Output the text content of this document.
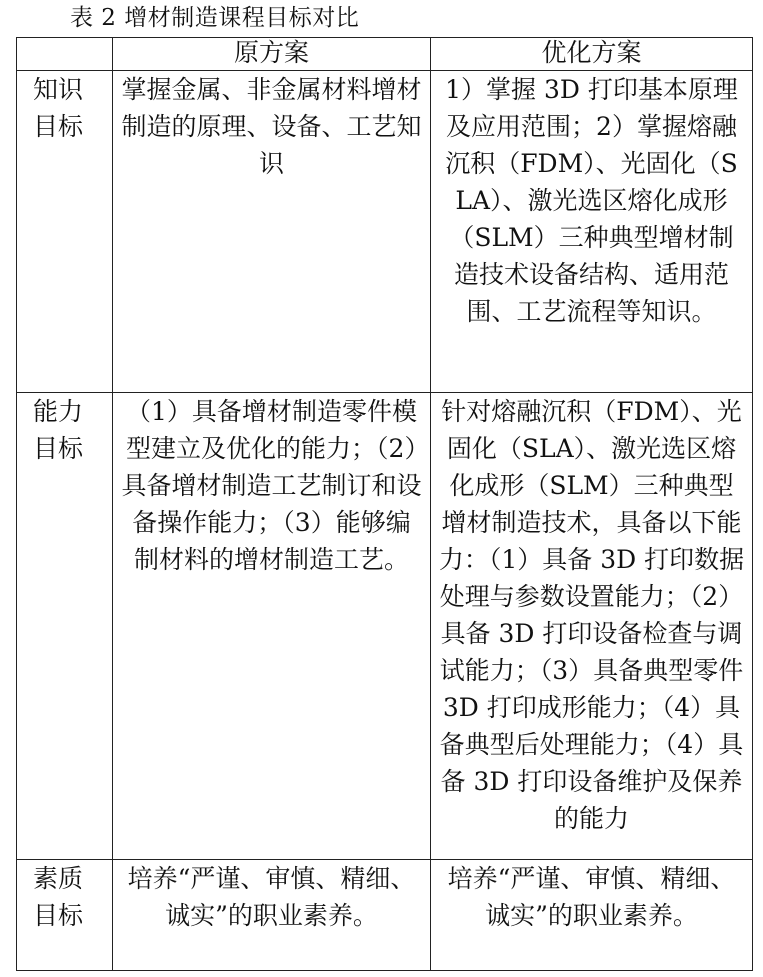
表 2 增材制造课程目标对比
	原方案	优化方案
知识目标	掌握金属、非金属材料增材制造的原理、设备、工艺知识	1）掌握 3D 打印基本原理及应用范围；2）掌握熔融沉积（FDM）、光固化（SLA）、激光选区熔化成形（SLM）三种典型增材制造技术设备结构、适用范围、工艺流程等知识。
能力目标	（1）具备增材制造零件模型建立及优化的能力；（2）具备增材制造工艺制订和设备操作能力；（3）能够编制材料的增材制造工艺。	针对熔融沉积（FDM）、光固化（SLA）、激光选区熔化成形（SLM）三种典型增材制造技术，具备以下能力：（1）具备 3D 打印数据处理与参数设置能力；（2）具备 3D 打印设备检查与调试能力；（3）具备典型零件 3D 打印成形能力；（4）具备典型后处理能力；（4）具备 3D 打印设备维护及保养的能力
素质目标	培养“严谨、审慎、精细、诚实”的职业素养。	培养“严谨、审慎、精细、诚实”的职业素养。
